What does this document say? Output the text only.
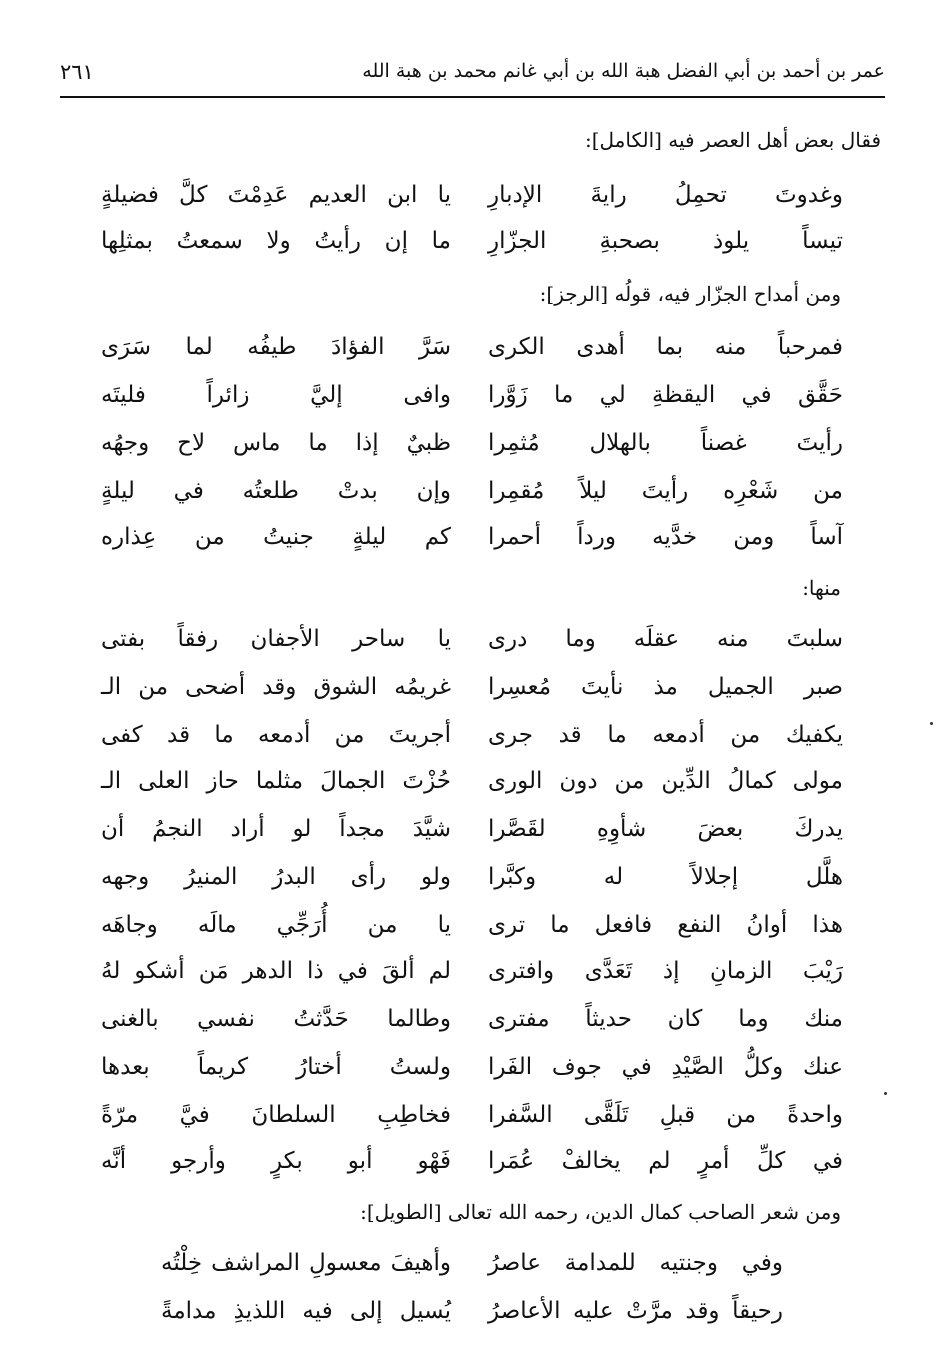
عمر بن أحمد بن أبي الفضل هبة الله بن أبي غانم محمد بن هبة الله
٢٦١
فقال بعض أهل العصر فيه [الكامل]:
يا ابن العديم عَدِمْتَ كلَّ فضيلةٍ وغدوتَ تحمِلُ رايةَ الإدبارِ
ما إن رأيتُ ولا سمعتُ بمثلِها تيساً يلوذ بصحبةِ الجزّارِ
ومن أمداح الجزّار فيه، قولُه [الرجز]:
سَرَّ الفؤادَ طيفُه لما سَرَى فمرحباً منه بما أهدى الكرى
وافى إليَّ زائراً فليتَه حَقَّق في اليقظةِ لي ما زَوَّرا
ظبيٌ إذا ما ماس لاح وجهُه رأيتَ غصناً بالهلال مُثمِرا
وإن بدتْ طلعتُه في ليلةٍ من شَعْرِه رأيتَ ليلاً مُقمِرا
كم ليلةٍ جنيتُ من عِذاره آساً ومن خدَّيه ورداً أحمرا
منها:
يا ساحر الأجفان رفقاً بفتى سلبتَ منه عقلَه وما درى
غريمُه الشوق وقد أضحى من الـ صبر الجميل مذ نأيتَ مُعسِرا
أجريتَ من أدمعه ما قد كفى يكفيك من أدمعه ما قد جرى
حُزْتَ الجمالَ مثلما حاز العلى الـ مولى كمالُ الدِّين من دون الورى
شيَّدَ مجداً لو أراد النجمُ أن يدركَ بعضَ شأوِهِ لقَصَّرا
ولو رأى البدرُ المنيرُ وجهه هلَّل إجلالاً له وكبَّرا
يا من أُرَجِّي مالَه وجاهَه هذا أوانُ النفع فافعل ما ترى
لم ألقَ في ذا الدهر مَن أشكو لهُ رَيْبَ الزمانِ إذ تَعَدَّى وافترى
وطالما حَدَّثتُ نفسي بالغنى منك وما كان حديثاً مفترى
ولستُ أختارُ كريماً بعدها عنك وكلُّ الصَّيْدِ في جوف الفَرا
فخاطِبِ السلطانَ فيَّ مرّةً واحدةً من قبلِ تَلَقَّى السَّفرا
فَهْو أبو بكرٍ وأرجو أنَّه في كلِّ أمرٍ لم يخالفْ عُمَرا
ومن شعر الصاحب كمال الدين، رحمه الله تعالى [الطويل]:
وأهيفَ معسولِ المراشف خِلْتُه وفي وجنتيه للمدامة عاصرُ
يُسيل إلى فيه اللذيذِ مدامةً رحيقاً وقد مرَّتْ عليه الأعاصرُ
